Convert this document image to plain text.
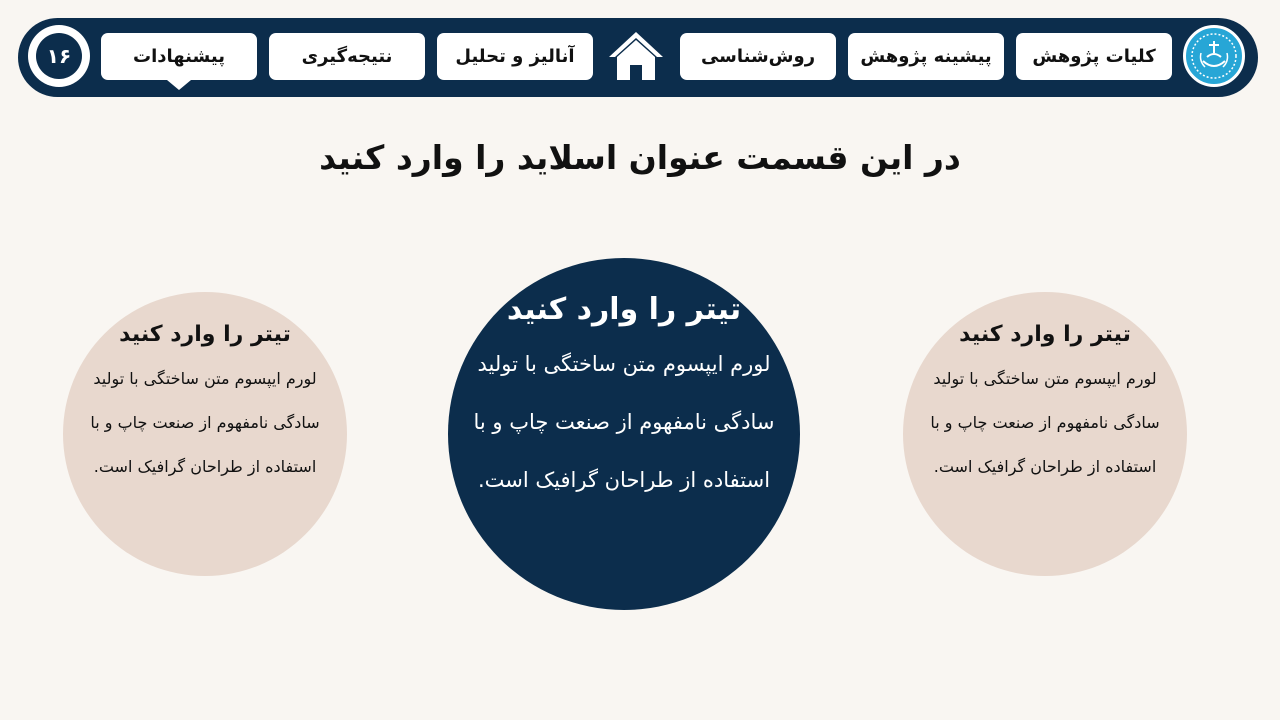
کلیات پژوهش
پیشینه پژوهش
روش‌شناسی
آنالیز و تحلیل
نتیجه‌گیری
پیشنهادات
۱۶
در این قسمت عنوان اسلاید را وارد کنید
تیتر را وارد کنید
لورم ایپسوم متن ساختگی با تولید سادگی نامفهوم از صنعت چاپ و با استفاده از طراحان گرافیک است.
تیتر را وارد کنید
لورم ایپسوم متن ساختگی با تولید سادگی نامفهوم از صنعت چاپ و با استفاده از طراحان گرافیک است.
تیتر را وارد کنید
لورم ایپسوم متن ساختگی با تولید سادگی نامفهوم از صنعت چاپ و با استفاده از طراحان گرافیک است.
